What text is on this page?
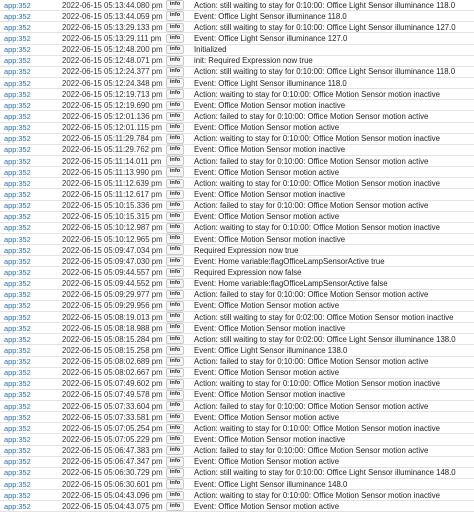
app:352	2022-06-15 05:13:44.080 pm	info	Action: still waiting to stay for 0:10:00: Office Light Sensor illuminance 118.0
app:352	2022-06-15 05:13:44.059 pm	info	Event: Office Light Sensor illuminance 118.0
app:352	2022-06-15 05:13:29.133 pm	info	Action: still waiting to stay for 0:10:00: Office Light Sensor illuminance 127.0
app:352	2022-06-15 05:13:29.111 pm	info	Event: Office Light Sensor illuminance 127.0
app:352	2022-06-15 05:12:48.200 pm	info	Initialized
app:352	2022-06-15 05:12:48.071 pm	info	init: Required Expression now true
app:352	2022-06-15 05:12:24.377 pm	info	Action: still waiting to stay for 0:10:00: Office Light Sensor illuminance 118.0
app:352	2022-06-15 05:12:24.348 pm	info	Event: Office Light Sensor illuminance 118.0
app:352	2022-06-15 05:12:19.713 pm	info	Action: waiting to stay for 0:10:00: Office Motion Sensor motion inactive
app:352	2022-06-15 05:12:19.690 pm	info	Event: Office Motion Sensor motion inactive
app:352	2022-06-15 05:12:01.136 pm	info	Action: failed to stay for 0:10:00: Office Motion Sensor motion active
app:352	2022-06-15 05:12:01.115 pm	info	Event: Office Motion Sensor motion active
app:352	2022-06-15 05:11:29.784 pm	info	Action: waiting to stay for 0:10:00: Office Motion Sensor motion inactive
app:352	2022-06-15 05:11:29.762 pm	info	Event: Office Motion Sensor motion inactive
app:352	2022-06-15 05:11:14.011 pm	info	Action: failed to stay for 0:10:00: Office Motion Sensor motion active
app:352	2022-06-15 05:11:13.990 pm	info	Event: Office Motion Sensor motion active
app:352	2022-06-15 05:11:12.639 pm	info	Action: waiting to stay for 0:10:00: Office Motion Sensor motion inactive
app:352	2022-06-15 05:11:12.617 pm	info	Event: Office Motion Sensor motion inactive
app:352	2022-06-15 05:10:15.336 pm	info	Action: failed to stay for 0:10:00: Office Motion Sensor motion active
app:352	2022-06-15 05:10:15.315 pm	info	Event: Office Motion Sensor motion active
app:352	2022-06-15 05:10:12.987 pm	info	Action: waiting to stay for 0:10:00: Office Motion Sensor motion inactive
app:352	2022-06-15 05:10:12.965 pm	info	Event: Office Motion Sensor motion inactive
app:352	2022-06-15 05:09:47.034 pm	info	Required Expression now true
app:352	2022-06-15 05:09:47.030 pm	info	Event: Home variable:flagOfficeLampSensorActive true
app:352	2022-06-15 05:09:44.557 pm	info	Required Expression now false
app:352	2022-06-15 05:09:44.552 pm	info	Event: Home variable:flagOfficeLampSensorActive false
app:352	2022-06-15 05:09:29.977 pm	info	Action: failed to stay for 0:10:00: Office Motion Sensor motion active
app:352	2022-06-15 05:09:29.956 pm	info	Event: Office Motion Sensor motion active
app:352	2022-06-15 05:08:19.013 pm	info	Action: still waiting to stay for 0:02:00: Office Motion Sensor motion inactive
app:352	2022-06-15 05:08:18.988 pm	info	Event: Office Motion Sensor motion inactive
app:352	2022-06-15 05:08:15.284 pm	info	Action: still waiting to stay for 0:02:00: Office Light Sensor illuminance 138.0
app:352	2022-06-15 05:08:15.258 pm	info	Event: Office Light Sensor illuminance 138.0
app:352	2022-06-15 05:08:02.689 pm	info	Action: failed to stay for 0:10:00: Office Motion Sensor motion active
app:352	2022-06-15 05:08:02.667 pm	info	Event: Office Motion Sensor motion active
app:352	2022-06-15 05:07:49.602 pm	info	Action: waiting to stay for 0:10:00: Office Motion Sensor motion inactive
app:352	2022-06-15 05:07:49.578 pm	info	Event: Office Motion Sensor motion inactive
app:352	2022-06-15 05:07:33.604 pm	info	Action: failed to stay for 0:10:00: Office Motion Sensor motion active
app:352	2022-06-15 05:07:33.581 pm	info	Event: Office Motion Sensor motion active
app:352	2022-06-15 05:07:05.254 pm	info	Action: waiting to stay for 0:10:00: Office Motion Sensor motion inactive
app:352	2022-06-15 05:07:05.229 pm	info	Event: Office Motion Sensor motion inactive
app:352	2022-06-15 05:06:47.383 pm	info	Action: failed to stay for 0:10:00: Office Motion Sensor motion active
app:352	2022-06-15 05:06:47.347 pm	info	Event: Office Motion Sensor motion active
app:352	2022-06-15 05:06:30.729 pm	info	Action: still waiting to stay for 0:10:00: Office Light Sensor illuminance 148.0
app:352	2022-06-15 05:06:30.601 pm	info	Event: Office Light Sensor illuminance 148.0
app:352	2022-06-15 05:04:43.096 pm	info	Action: waiting to stay for 0:10:00: Office Motion Sensor motion inactive
app:352	2022-06-15 05:04:43.075 pm	info	Event: Office Motion Sensor motion active
